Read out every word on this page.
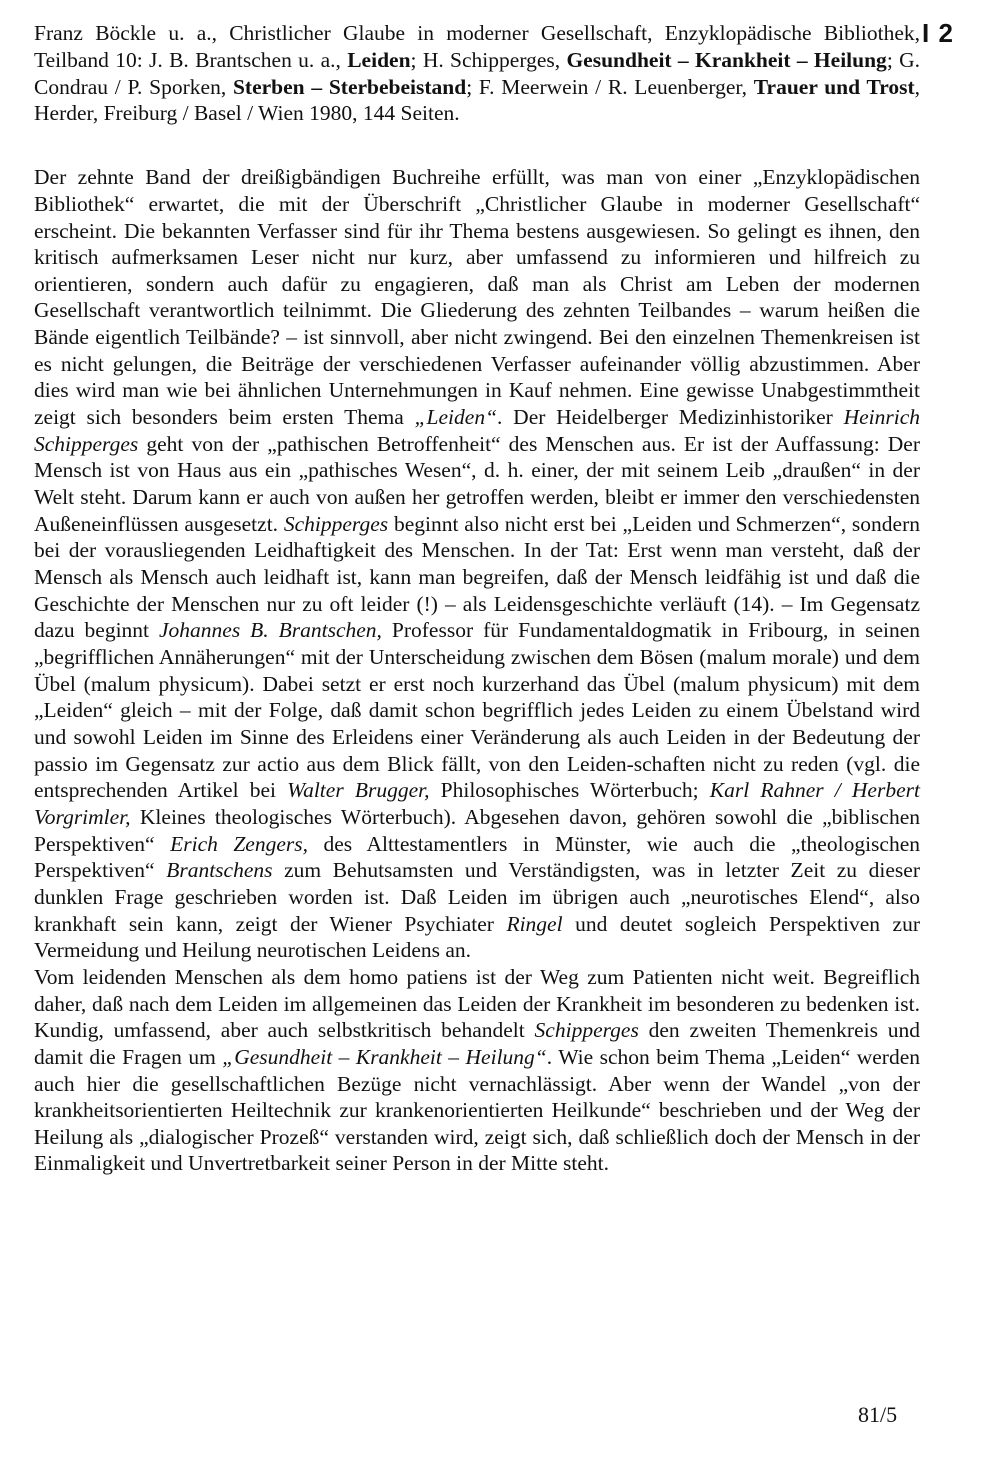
I 2

Franz Böckle u. a., Christlicher Glaube in moderner Gesellschaft, Enzyklopädische Bibliothek, Teilband 10: J. B. Brantschen u. a., Leiden; H. Schipperges, Gesundheit – Krankheit – Heilung; G. Condrau / P. Sporken, Sterben – Sterbebeistand; F. Meerwein / R. Leuenberger, Trauer und Trost, Herder, Freiburg / Basel / Wien 1980, 144 Seiten.

Der zehnte Band der dreißigbändigen Buchreihe erfüllt, was man von einer „Enzyklopädischen Bibliothek“ erwartet, die mit der Überschrift „Christlicher Glaube in moderner Gesellschaft“ erscheint. Die bekannten Verfasser sind für ihr Thema bestens ausgewiesen. So gelingt es ihnen, den kritisch aufmerksamen Leser nicht nur kurz, aber umfassend zu informieren und hilfreich zu orientieren, sondern auch dafür zu engagieren, daß man als Christ am Leben der modernen Gesellschaft verantwortlich teilnimmt. Die Gliederung des zehnten Teilbandes – warum heißen die Bände eigentlich Teilbände? – ist sinnvoll, aber nicht zwingend. Bei den einzelnen Themenkreisen ist es nicht gelungen, die Beiträge der verschiedenen Verfasser aufeinander völlig abzustimmen. Aber dies wird man wie bei ähnlichen Unternehmungen in Kauf nehmen. Eine gewisse Unabgestimmtheit zeigt sich besonders beim ersten Thema „Leiden“. Der Heidelberger Medizinhistoriker Heinrich Schipperges geht von der „pathischen Betroffenheit“ des Menschen aus. Er ist der Auffassung: Der Mensch ist von Haus aus ein „pathisches Wesen“, d. h. einer, der mit seinem Leib „draußen“ in der Welt steht. Darum kann er auch von außen her getroffen werden, bleibt er immer den verschiedensten Außeneinflüssen ausgesetzt. Schipperges beginnt also nicht erst bei „Leiden und Schmerzen“, sondern bei der vorausliegenden Leidhaftigkeit des Menschen. In der Tat: Erst wenn man versteht, daß der Mensch als Mensch auch leidhaft ist, kann man begreifen, daß der Mensch leidfähig ist und daß die Geschichte der Menschen nur zu oft leider (!) – als Leidensgeschichte verläuft (14). – Im Gegensatz dazu beginnt Johannes B. Brantschen, Professor für Fundamentaldogmatik in Fribourg, in seinen „begrifflichen Annäherungen“ mit der Unterscheidung zwischen dem Bösen (malum morale) und dem Übel (malum physicum). Dabei setzt er erst noch kurzerhand das Übel (malum physicum) mit dem „Leiden“ gleich – mit der Folge, daß damit schon begrifflich jedes Leiden zu einem Übelstand wird und sowohl Leiden im Sinne des Erleidens einer Veränderung als auch Leiden in der Bedeutung der passio im Gegensatz zur actio aus dem Blick fällt, von den Leiden-schaften nicht zu reden (vgl. die entsprechenden Artikel bei Walter Brugger, Philosophisches Wörterbuch; Karl Rahner / Herbert Vorgrimler, Kleines theologisches Wörterbuch). Abgesehen davon, gehören sowohl die „biblischen Perspektiven“ Erich Zengers, des Alttestamentlers in Münster, wie auch die „theologischen Perspektiven“ Brantschens zum Behutsamsten und Verständigsten, was in letzter Zeit zu dieser dunklen Frage geschrieben worden ist. Daß Leiden im übrigen auch „neurotisches Elend“, also krankhaft sein kann, zeigt der Wiener Psychiater Ringel und deutet sogleich Perspektiven zur Vermeidung und Heilung neurotischen Leidens an.

Vom leidenden Menschen als dem homo patiens ist der Weg zum Patienten nicht weit. Begreiflich daher, daß nach dem Leiden im allgemeinen das Leiden der Krankheit im besonderen zu bedenken ist. Kundig, umfassend, aber auch selbstkritisch behandelt Schipperges den zweiten Themenkreis und damit die Fragen um „Gesundheit – Krankheit – Heilung“. Wie schon beim Thema „Leiden“ werden auch hier die gesellschaftlichen Bezüge nicht vernachlässigt. Aber wenn der Wandel „von der krankheitsorientierten Heiltechnik zur krankenorientierten Heilkunde“ beschrieben und der Weg der Heilung als „dialogischer Prozeß“ verstanden wird, zeigt sich, daß schließlich doch der Mensch in der Einmaligkeit und Unvertretbarkeit seiner Person in der Mitte steht.

81/5
